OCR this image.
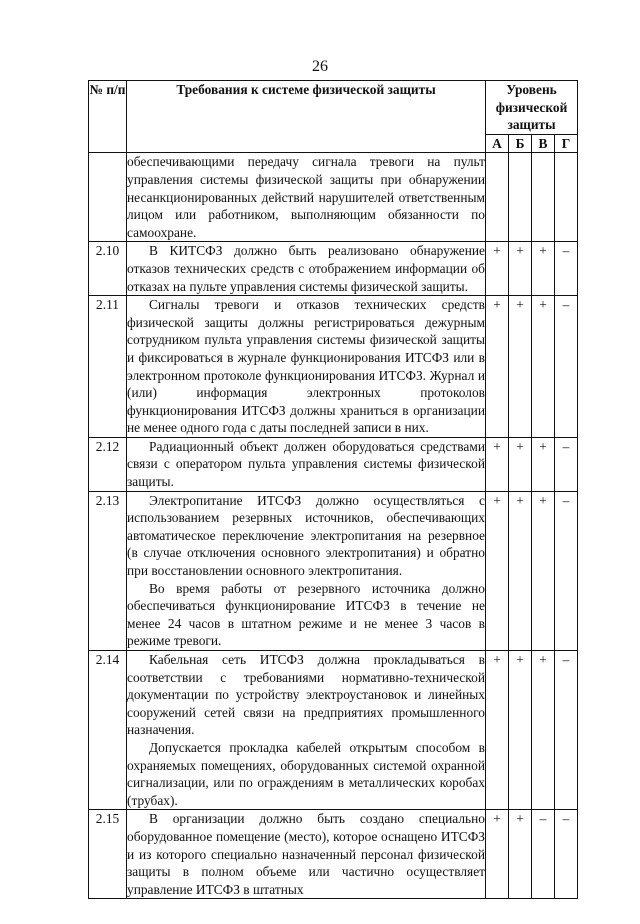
26
№ п/п	Требования к системе физической защиты	Уровень физической защиты			
		А	Б	В	Г

	обеспечивающими передачу сигнала тревоги на пульт управления системы физической защиты при обнаружении несанкционированных действий нарушителей ответственным лицом или работником, выполняющим обязанности по самоохране.				

2.10	В КИТСФЗ должно быть реализовано обнаружение отказов технических средств с отображением информации об отказах на пульте управления системы физической защиты.	+	+	+	–
2.11	Сигналы тревоги и отказов технических средств физической защиты должны регистрироваться дежурным сотрудником пульта управления системы физической защиты и фиксироваться в журнале функционирования ИТСФЗ или в электронном протоколе функционирования ИТСФЗ. Журнал и (или) информация электронных протоколов функционирования ИТСФЗ должны храниться в организации не менее одного года с даты последней записи в них.	+	+	+	–
2.12	Радиационный объект должен оборудоваться средствами связи с оператором пульта управления системы физической защиты.	+	+	+	–
2.13	Электропитание ИТСФЗ должно осуществляться с использованием резервных источников, обеспечивающих автоматическое переключение электропитания на резервное (в случае отключения основного электропитания) и обратно при восстановлении основного электропитания.

Во время работы от резервного источника должно обеспечиваться функционирование ИТСФЗ в течение не менее 24 часов в штатном режиме и не менее 3 часов в режиме тревоги.	+	+	+	–
2.14	Кабельная сеть ИТСФЗ должна прокладываться в соответствии с требованиями нормативно-технической документации по устройству электроустановок и линейных сооружений сетей связи на предприятиях промышленного назначения.

Допускается прокладка кабелей открытым способом в охраняемых помещениях, оборудованных системой охранной сигнализации, или по ограждениям в металлических коробах (трубах).	+	+	+	–
2.15	В организации должно быть создано специально оборудованное помещение (место), которое оснащено ИТСФЗ и из которого специально назначенный персонал физической защиты в полном объеме или частично осуществляет управление ИТСФЗ в штатных	+	+	–	–
